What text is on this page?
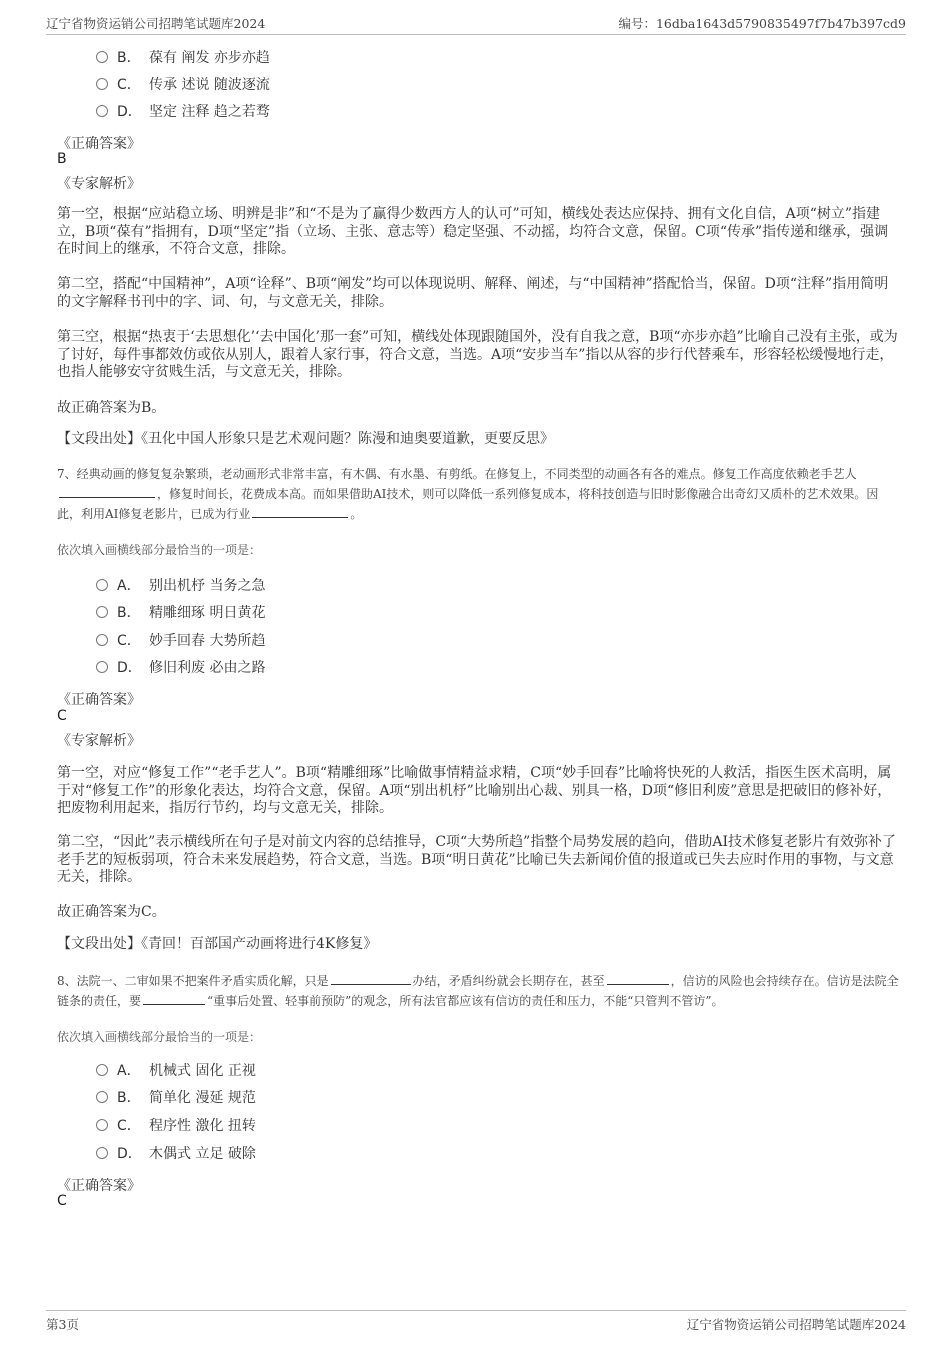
辽宁省物资运销公司招聘笔试题库2024	编号：16dba1643d5790835497f7b47b397cd9
B． 葆有 阐发 亦步亦趋
C． 传承 述说 随波逐流
D． 坚定 注释 趋之若骛
《正确答案》
B
《专家解析》
第一空，根据“应站稳立场、明辨是非”和“不是为了赢得少数西方人的认可”可知，横线处表达应保持、拥有文化自信，A项“树立”指建立，B项“葆有”指拥有，D项“坚定”指（立场、主张、意志等）稳定坚强、不动摇，均符合文意，保留。C项“传承”指传递和继承，强调在时间上的继承，不符合文意，排除。
第二空，搭配“中国精神”，A项“诠释”、B项“阐发”均可以体现说明、解释、阐述，与“中国精神”搭配恰当，保留。D项“注释”指用简明的文字解释书刊中的字、词、句，与文意无关，排除。
第三空，根据“热衷于‘去思想化’‘去中国化’那一套”可知，横线处体现跟随国外，没有自我之意，B项“亦步亦趋”比喻自己没有主张，或为了讨好，每件事都效仿或依从别人，跟着人家行事，符合文意，当选。A项“安步当车”指以从容的步行代替乘车，形容轻松缓慢地行走，也指人能够安守贫贱生活，与文意无关，排除。
故正确答案为B。
【文段出处】《丑化中国人形象只是艺术观问题？陈漫和迪奥要道歉，更要反思》
7、经典动画的修复复杂繁琐，老动画形式非常丰富，有木偶、有水墨、有剪纸。在修复上，不同类型的动画各有各的难点。修复工作高度依赖老手艺人，修复时间长，花费成本高。而如果借助AI技术，则可以降低一系列修复成本，将科技创造与旧时影像融合出奇幻又质朴的艺术效果。因此，利用AI修复老影片，已成为行业	。
依次填入画横线部分最恰当的一项是：
A． 别出机杼 当务之急
B． 精雕细琢 明日黄花
C． 妙手回春 大势所趋
D． 修旧利废 必由之路
《正确答案》
C
《专家解析》
第一空，对应“修复工作”“老手艺人”。B项“精雕细琢”比喻做事情精益求精，C项“妙手回春”比喻将快死的人救活，指医生医术高明，属于对“修复工作”的形象化表达，均符合文意，保留。A项“别出机杼”比喻别出心裁、别具一格，D项“修旧利废”意思是把破旧的修补好，把废物利用起来，指厉行节约，均与文意无关，排除。
第二空，“因此”表示横线所在句子是对前文内容的总结推导，C项“大势所趋”指整个局势发展的趋向，借助AI技术修复老影片有效弥补了老手艺的短板弱项，符合未来发展趋势，符合文意，当选。B项“明日黄花”比喻已失去新闻价值的报道或已失去应时作用的事物，与文意无关，排除。
故正确答案为C。
【文段出处】《青回！百部国产动画将进行4K修复》
8、法院一、二审如果不把案件矛盾实质化解，只是	办结，矛盾纠纷就会长期存在，甚至	，信访的风险也会持续存在。信访是法院全链条的责任，要	“重事后处置、轻事前预防”的观念，所有法官都应该有信访的责任和压力，不能“只管判不管访”。
依次填入画横线部分最恰当的一项是：
A． 机械式 固化 正视
B． 简单化 漫延 规范
C． 程序性 激化 扭转
D． 木偶式 立足 破除
《正确答案》
C
第3页	辽宁省物资运销公司招聘笔试题库2024
